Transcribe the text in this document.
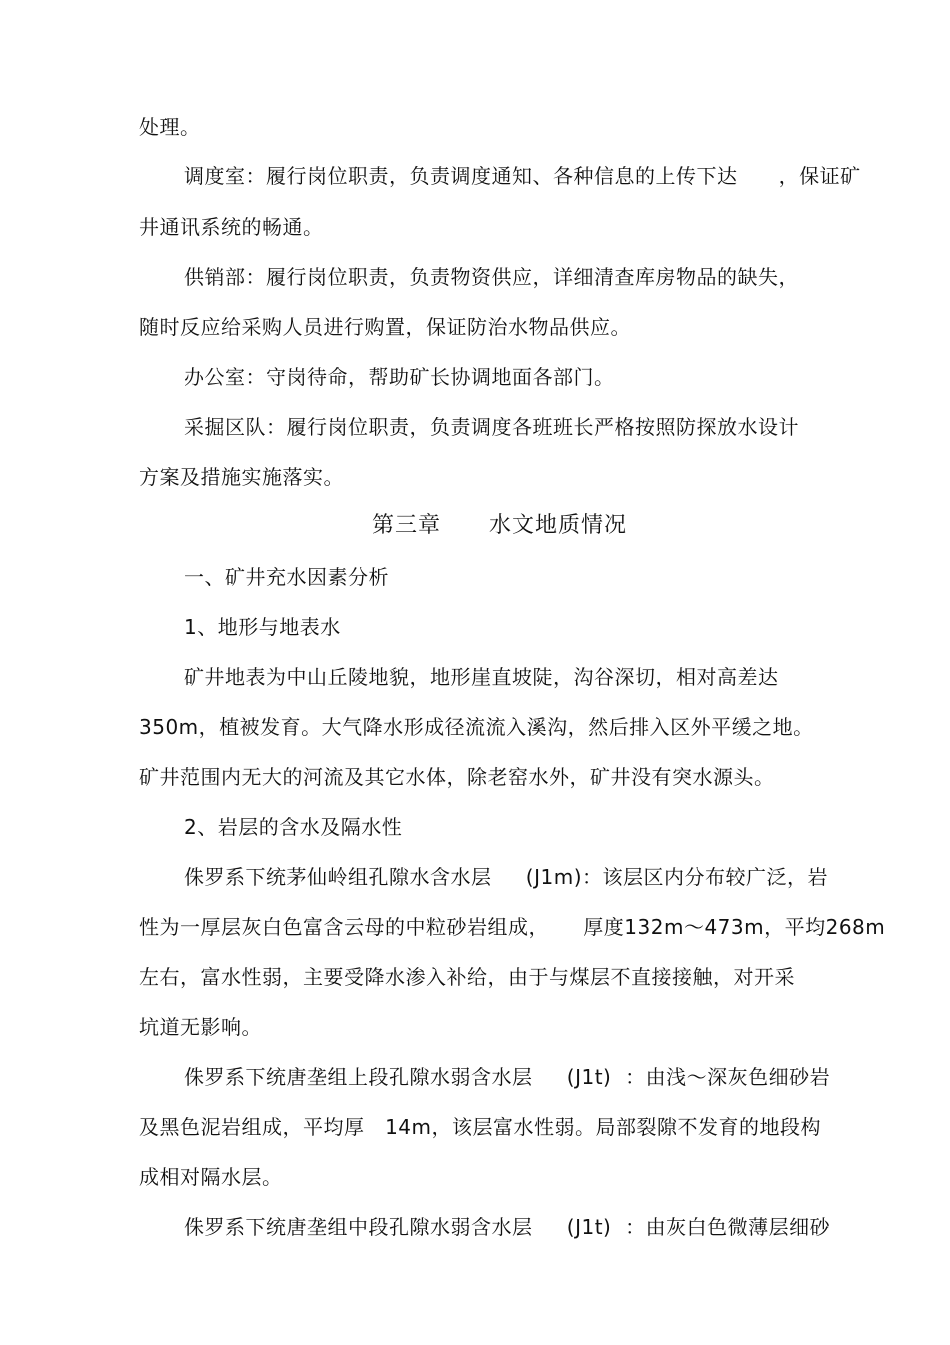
处理。
调度室：履行岗位职责，负责调度通知、各种信息的上传下达      ，保证矿
井通讯系统的畅通。
供销部：履行岗位职责，负责物资供应，详细清查库房物品的缺失，
随时反应给采购人员进行购置，保证防治水物品供应。
办公室：守岗待命，帮助矿长协调地面各部门。
采掘区队：履行岗位职责，负责调度各班班长严格按照防探放水设计
方案及措施实施落实。
第三章      水文地质情况
一、矿井充水因素分析
1、地形与地表水
矿井地表为中山丘陵地貌，地形崖直坡陡，沟谷深切，相对高差达
350m，植被发育。大气降水形成径流流入溪沟，然后排入区外平缓之地。
矿井范围内无大的河流及其它水体，除老窑水外，矿井没有突水源头。
2、岩层的含水及隔水性
侏罗系下统茅仙岭组孔隙水含水层     (J1m)：该层区内分布较广泛，岩
性为一厚层灰白色富含云母的中粒砂岩组成，     厚度132m～473m，平均268m
左右，富水性弱，主要受降水渗入补给，由于与煤层不直接接触，对开采
坑道无影响。
侏罗系下统唐垄组上段孔隙水弱含水层     (J1t)  ：由浅～深灰色细砂岩
及黑色泥岩组成，平均厚   14m，该层富水性弱。局部裂隙不发育的地段构
成相对隔水层。
侏罗系下统唐垄组中段孔隙水弱含水层     (J1t)  ：由灰白色微薄层细砂
